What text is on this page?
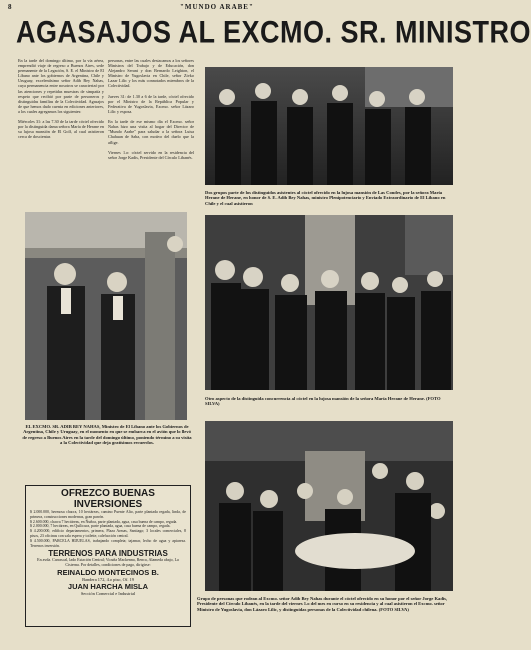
8	"MUNDO ARABE"
AGASAJOS AL EXCMO. SR. MINISTRO
En la tarde del domingo último, por la vía aérea, emprendió viaje de regreso a Buenos Aires, sede permanente de la Legación, S. E. el Ministro de El Líbano ante los gobiernos de Argentina, Chile y Uruguay, excelentísimo señor Adib Bey Nahas, cuya permanencia entre nosotros se caracterizó por las atenciones y repetidas muestras de simpatía y respeto que recibió por parte de personeros y distinguidas familias de la Colectividad. Agasajos de que hemos dado cuenta en ediciones anteriores, a los cuales agregamos los siguientes:

Miércoles 31: a las 7.30 de la tarde cóctel ofrecido por la distinguida dama señora María de Herane en su lujosa mansión de El Golf, al cual asistieron cerca de doscientas
personas, entre las cuales destacamos a los señores Ministros del Trabajo y de Educación, don Alejandro Serani y don Bernardo Leighton, el Ministro de Yugoslavia en Chile, señor Zivko Lazar Lilic y los más connotados miembros de la Colectividad.

Jueves 31: de 1.30 a 6 de la tarde, cóctel ofrecido por el Ministro de la República Popular y Federativa de Yugoslavia, Excmo. señor Lázaro Lilic y esposa.

En la tarde de ese mismo día el Excmo. señor Nahas hizo una visita al hogar del Director de "Mundo Arabe" para saludar a la señora Luisa Chahuan de Saba, con motivo del duelo que la aflige.

Viernes 1.o: cóctel servido en la residencia del señor Jorge Kadis, Presidente del Círculo Libanés.
Dos grupos parte de los distinguidos asistentes al cóctel ofrecido en la lujosa mansión de Las Condes, por la señora María Herane de Herane, en honor de S. E. Adib Bey Nahas, ministro Plenipotenciario y Enviado Extraordinario de El Líbano en Chile y el cual asistieron
EL EXCMO. SR. ADIB BEY NAHAS, Ministro de El Líbano ante los Gobiernos de Argentina, Chile y Uruguay, en el momento en que se embarca en el avión que lo llevó de regreso a Buenos Aires en la tarde del domingo último, poniendo término a su visita a la Colectividad que deja gratísimos recuerdos.
Otro aspecto de la distinguida concurrencia al cóctel en la lujosa mansión de la señora María Herane de Herane. (FOTO SILVA)
Grupo de personas que rodean al Excmo. señor Adib Bey Nahas durante el cóctel ofrecido en su honor por el señor Jorge Kadis, Presidente del Círculo Libanés, en la tarde del viernes 1.o del mes en curso en su residencia y al cual asistieron el Excmo. señor Ministro de Yugoslavia, don Lázaro Lilic, y distinguidas personas de la Colectividad chilena. (FOTO SILVA)
OFREZCO BUENAS INVERSIONES
$ 2.000.000, hermosa chacra, 10 hectáreas, camino Puente Alto, parte plantada regada, linda, de primera, construcciones modernas, gran parrón.
$ 2.600.000, chacra 7 hectáreas, en Ñuñoa, parte plantada, agua, casa buena de campo, regada.
$ 2.000.000, 7 hectáreas, en Quilicura, parte plantada, agua, casa buena de campo, regada.
$ 4.200.000, edificio departamentos, primera, Plaza Armas, Santiago; 3 locales comerciales, 8 pisos, 23 oficinas con sala espera y toilette, calefacción central.
$ 4.500.000, PARCELA HIJUELAS, trabajando completa; tajamar, lecho de agua y apiaresa. Terrenos inversión.
TERRENOS PARA INDUSTRIAS
En avda. Carrascal, lado Estación Central; Vicuña Mackenna, Renca, Alameda abajo, La Cisterna. Por detalles, condiciones de pago, dirigirse:
REINALDO MONTECINOS B.
Bandera 172, 4.o piso, Of. 19
JUAN HARCHA MISLA
Sección Comercial e Industrial
